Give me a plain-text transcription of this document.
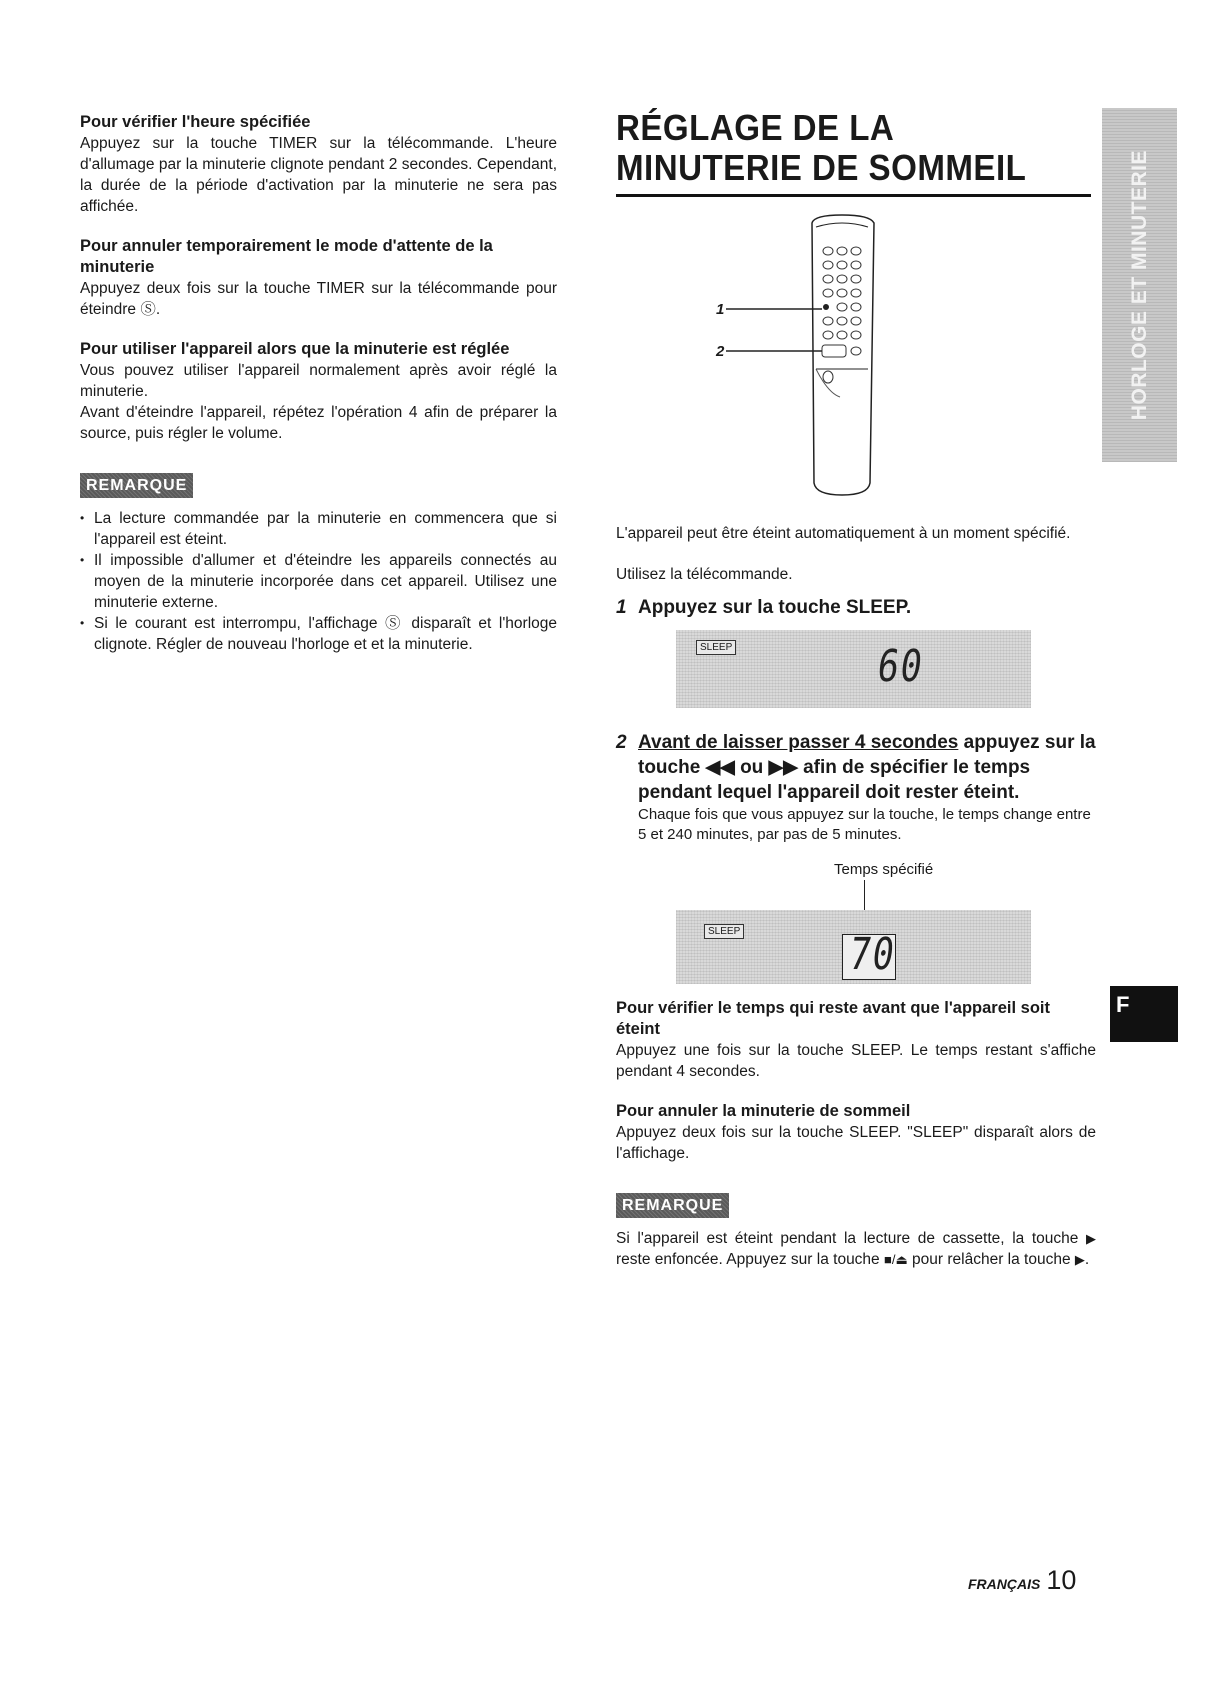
Pour vérifier l'heure spécifiée

Appuyez sur la touche TIMER sur la télécommande. L'heure d'allumage par la minuterie clignote pendant 2 secondes. Cependant, la durée de la période d'activation par la minuterie ne sera pas affichée.

Pour annuler temporairement le mode d'attente de la minuterie

Appuyez deux fois sur la touche TIMER sur la télécommande pour éteindre Ⓢ.

Pour utiliser l'appareil alors que la minuterie est réglée

Vous pouvez utiliser l'appareil normalement après avoir réglé la minuterie.

Avant d'éteindre l'appareil, répétez l'opération 4 afin de préparer la source, puis régler le volume.

REMARQUE
• La lecture commandée par la minuterie en commencera que si l'appareil est éteint.
• Il impossible d'allumer et d'éteindre les appareils connectés au moyen de la minuterie incorporée dans cet appareil. Utilisez une minuterie externe.
• Si le courant est interrompu, l'affichage Ⓢ disparaît et l'horloge clignote. Régler de nouveau l'horloge et et la minuterie.
RÉGLAGE DE LA MINUTERIE DE SOMMEIL
1
2

L'appareil peut être éteint automatiquement à un moment spécifié.

Utilisez la télécommande.

1 Appuyez sur la touche SLEEP.
SLEEP	60
2 Avant de laisser passer 4 secondes appuyez sur la touche ◀◀ ou ▶▶ afin de spécifier le temps pendant lequel l'appareil doit rester éteint.

Chaque fois que vous appuyez sur la touche, le temps change entre 5 et 240 minutes, par pas de 5 minutes.

Temps spécifié
SLEEP 70
Pour vérifier le temps qui reste avant que l'appareil soit éteint

Appuyez une fois sur la touche SLEEP. Le temps restant s'affiche pendant 4 secondes.

Pour annuler la minuterie de sommeil

Appuyez deux fois sur la touche SLEEP. "SLEEP" disparaît alors de l'affichage.

REMARQUE

Si l'appareil est éteint pendant la lecture de cassette, la touche ▶ reste enfoncée. Appuyez sur la touche ■/⏏ pour relâcher la touche ▶.

HORLOGE ET MINUTERIE
F
FRANÇAIS 10
